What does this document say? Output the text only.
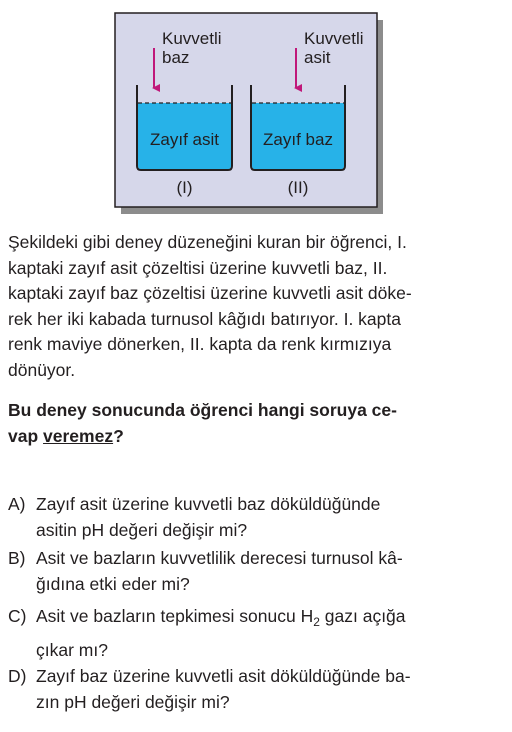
Kuvvetli
baz
Zayıf asit
(I)
Kuvvetli
asit
Zayıf baz
(II)
Şekildeki gibi deney düzeneğini kuran bir öğrenci, I.
kaptaki zayıf asit çözeltisi üzerine kuvvetli baz, II.
kaptaki zayıf baz çözeltisi üzerine kuvvetli asit döke-
rek her iki kabada turnusol kâğıdı batırıyor. I. kapta
renk maviye dönerken, II. kapta da renk kırmızıya
dönüyor.
Bu deney sonucunda öğrenci hangi soruya ce-
vap veremez?
A) Zayıf asit üzerine kuvvetli baz döküldüğünde
asitin pH değeri değişir mi?
B) Asit ve bazların kuvvetlilik derecesi turnusol kâ-
ğıdına etki eder mi?
C) Asit ve bazların tepkimesi sonucu $H_2$ gazı açığa
çıkar mı?
D) Zayıf baz üzerine kuvvetli asit döküldüğünde ba-
zın pH değeri değişir mi?
